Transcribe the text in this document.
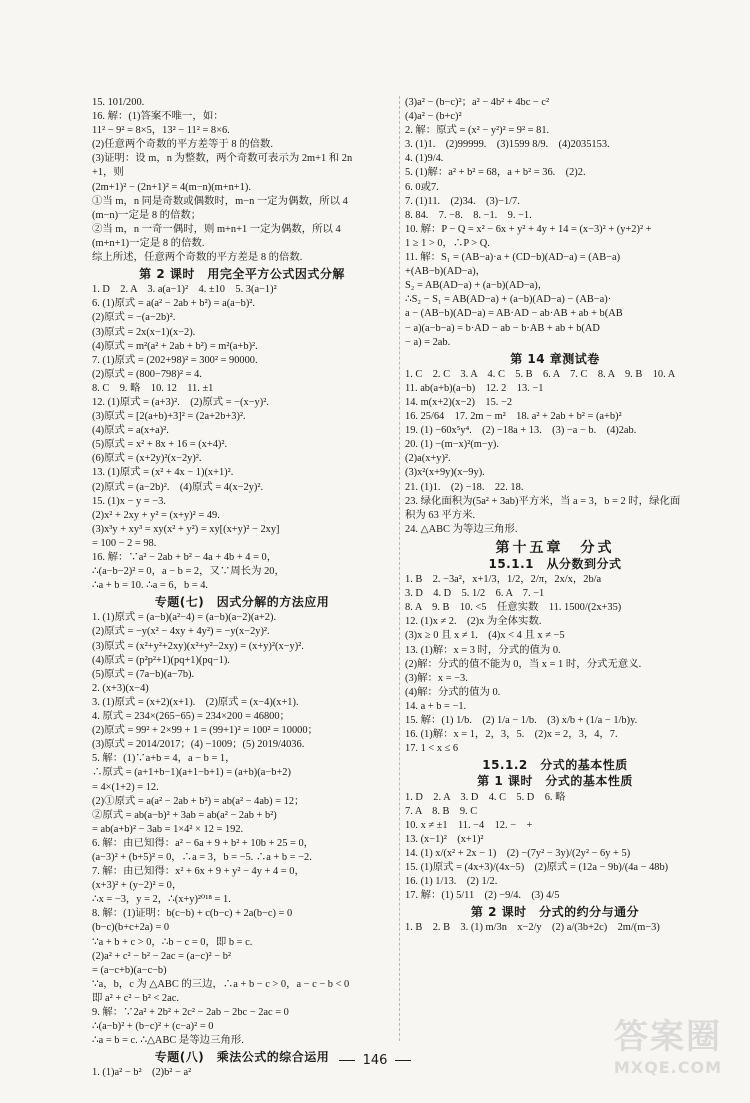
15. 101/200.
16. 解：(1)答案不唯一，如：
11² − 9² = 8×5，13² − 11² = 8×6.
(2)任意两个奇数的平方差等于 8 的倍数.
(3)证明：设 m，n 为整数，两个奇数可表示为 2m+1 和 2n
+1，则
(2m+1)² − (2n+1)² = 4(m−n)(m+n+1).
①当 m，n 同是奇数或偶数时，m−n 一定为偶数，所以 4
(m−n)一定是 8 的倍数；
②当 m，n 一奇一偶时，则 m+n+1 一定为偶数，所以 4
(m+n+1)一定是 8 的倍数.
综上所述，任意两个奇数的平方差是 8 的倍数.
第 2 课时　用完全平方公式因式分解
1. D　2. A　3. a(a−1)²　4. ±10　5. 3(a−1)²
6. (1)原式 = a(a² − 2ab + b²) = a(a−b)².
(2)原式 = −(a−2b)².
(3)原式 = 2x(x−1)(x−2).
(4)原式 = m²(a² + 2ab + b²) = m²(a+b)².
7. (1)原式 = (202+98)² = 300² = 90000.
(2)原式 = (800−798)² = 4.
8. C　9. 略　10. 12　11. ±1
12. (1)原式 = (a+3)².　(2)原式 = −(x−y)².
(3)原式 = [2(a+b)+3]² = (2a+2b+3)².
(4)原式 = a(x+a)².
(5)原式 = x² + 8x + 16 = (x+4)².
(6)原式 = (x+2y)²(x−2y)².
13. (1)原式 = (x² + 4x − 1)(x+1)².
(2)原式 = (a−2b)².　(4)原式 = 4(x−2y)².
15. (1)x − y = −3.
(2)x² + 2xy + y² = (x+y)² = 49.
(3)x³y + xy³ = xy(x² + y²) = xy[(x+y)² − 2xy]
= 100 − 2 = 98.
16. 解：∵a² − 2ab + b² − 4a + 4b + 4 = 0，
∴(a−b−2)² = 0，a − b = 2，又∵周长为 20，
∴a + b = 10. ∴a = 6，b = 4.
专题(七)　因式分解的方法应用
1. (1)原式 = (a−b)(a²−4) = (a−b)(a−2)(a+2).
(2)原式 = −y(x² − 4xy + 4y²) = −y(x−2y)².
(3)原式 = (x²+y²+2xy)(x²+y²−2xy) = (x+y)²(x−y)².
(4)原式 = (p²p²+1)(pq+1)(pq−1).
(5)原式 = (7a−b)(a−7b).
2. (x+3)(x−4)
3. (1)原式 = (x+2)(x+1).　(2)原式 = (x−4)(x+1).
4. 原式 = 234×(265−65) = 234×200 = 46800；
(2)原式 = 99² + 2×99 + 1 = (99+1)² = 100² = 10000；
(3)原式 = 2014/2017；(4) −1009；(5) 2019/4036.
5. 解：(1)∵a+b = 4，a − b = 1，
∴原式 = (a+1+b−1)(a+1−b+1) = (a+b)(a−b+2)
= 4×(1+2) = 12.
(2)①原式 = a(a² − 2ab + b²) = ab(a² − 4ab) = 12；
②原式 = ab(a−b)² + 3ab = ab(a² − 2ab + b²)
= ab(a+b)² − 3ab = 1×4² × 12 = 192.
6. 解：由已知得：a² − 6a + 9 + b² + 10b + 25 = 0，
(a−3)² + (b+5)² = 0，∴a = 3，b = −5. ∴a + b = −2.
7. 解：由已知得：x² + 6x + 9 + y² − 4y + 4 = 0，
(x+3)² + (y−2)² = 0，
∴x = −3，y = 2，∴(x+y)²⁰¹⁸ = 1.
8. 解：(1)证明：b(c−b) + c(b−c) + 2a(b−c) = 0
(b−c)(b+c+2a) = 0
∵a + b + c > 0，∴b − c = 0，即 b = c.
(2)a² + c² − b² − 2ac = (a−c)² − b²
= (a−c+b)(a−c−b)
∵a，b，c 为 △ABC 的三边，∴a + b − c > 0，a − c − b < 0
即 a² + c² − b² < 2ac.
9. 解：∵2a² + 2b² + 2c² − 2ab − 2bc − 2ac = 0
∴(a−b)² + (b−c)² + (c−a)² = 0
∴a = b = c. ∴△ABC 是等边三角形.
专题(八)　乘法公式的综合运用
1. (1)a² − b²　(2)b² − a²
(3)a² − (b−c)²；a² − 4b² + 4bc − c²
(4)a² − (b+c)²
2. 解：原式 = (x² − y²)² = 9² = 81.
3. (1)1.　(2)99999.　(3)1599 8/9.　(4)2035153.
4. (1)9/4.
5. (1)解：a² + b² = 68，a + b² = 36.　(2)2.
6. 0或7.
7. (1)11.　(2)34.　(3)−1/7.
8. 84.　7. −8.　8. −1.　9. −1.
10. 解：P − Q = x² − 6x + y² + 4y + 14 = (x−3)² + (y+2)² +
1 ≥ 1 > 0，∴P > Q.
11. 解：S₁ = (AB−a)·a + (CD−b)(AD−a) = (AB−a)
+(AB−b)(AD−a)，
S₂ = AB(AD−a) + (a−b)(AD−a)，
∴S₂ − S₁ = AB(AD−a) + (a−b)(AD−a) − (AB−a)·
a − (AB−b)(AD−a) = AB·AD − ab·AB + ab + b(AB
− a)(a−b−a) = b·AD − ab − b·AB + ab + b(AD
− a) = 2ab.
第 14 章测试卷
1. C　2. C　3. A　4. C　5. B　6. A　7. C　8. A　9. B　10. A
11. ab(a+b)(a−b)　12. 2　13. −1
14. m(x+2)(x−2)　15. −2
16. 25/64　17. 2m − m²　18. a² + 2ab + b² = (a+b)²
19. (1) −60x⁵y⁴.　(2) −18a + 13.　(3) −a − b.　(4)2ab.
20. (1) −(m−x)²(m−y).
(2)a(x+y)².
(3)x²(x+9y)(x−9y).
21. (1)1.　(2) −18.　22. 18.
23. 绿化面积为(5a² + 3ab)平方米，当 a = 3，b = 2 时，绿化面
积为 63 平方米.
24. △ABC 为等边三角形.
第十五章　分式
15.1.1　从分数到分式
1. B　2. −3a²，x+1/3，1/2，2/π，2x/x，2b/a
3. D　4. D　5. 1/2　6. A　7. −1
8. A　9. B　10. <5　任意实数　11. 1500/(2x+35)
12. (1)x ≠ 2.　(2)x 为全体实数.
(3)x ≥ 0 且 x ≠ 1.　(4)x < 4 且 x ≠ −5
13. (1)解：x = 3 时，分式的值为 0.
(2)解：分式的值不能为 0，当 x = 1 时，分式无意义.
(3)解：x = −3.
(4)解：分式的值为 0.
14. a + b = −1.
15. 解：(1) 1/b.　(2) 1/a − 1/b.　(3) x/b + (1/a − 1/b)y.
16. (1)解：x = 1，2，3，5.　(2)x = 2，3，4，7.
17. 1 < x ≤ 6
15.1.2　分式的基本性质
第 1 课时　分式的基本性质
1. D　2. A　3. D　4. C　5. D　6. 略
7. A　8. B　9. C
10. x ≠ ±1　11. −4　12. −　+
13. (x−1)²　(x+1)²
14. (1) x/(x² + 2x − 1)　(2) −(7y² − 3y)/(2y² − 6y + 5)
15. (1)原式 = (4x+3)/(4x−5)　(2)原式 = (12a − 9b)/(4a − 48b)
16. (1) 1/13.　(2) 1/2.
17. 解：(1) 5/11　(2) −9/4.　(3) 4/5
第 2 课时　分式的约分与通分
1. B　2. B　3. (1) m/3n　x−2/y　(2) a/(3b+2c)　2m/(m−3)
146
答案圈
MXQE.COM
